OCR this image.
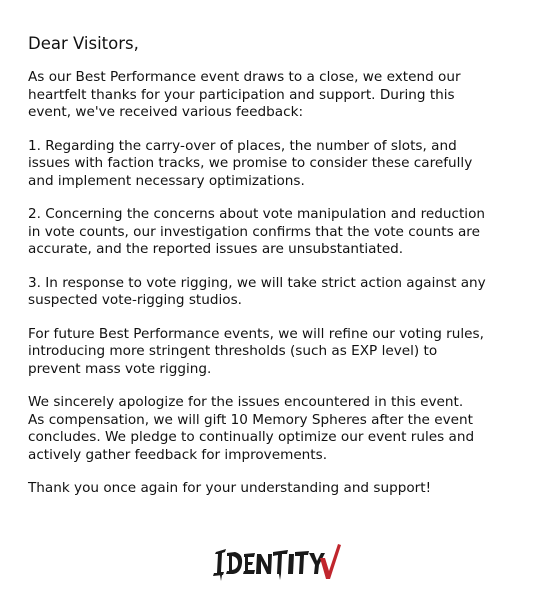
Dear Visitors,
As our Best Performance event draws to a close, we extend our
heartfelt thanks for your participation and support. During this
event, we've received various feedback:
1. Regarding the carry-over of places, the number of slots, and
issues with faction tracks, we promise to consider these carefully
and implement necessary optimizations.
2. Concerning the concerns about vote manipulation and reduction
in vote counts, our investigation confirms that the vote counts are
accurate, and the reported issues are unsubstantiated.
3. In response to vote rigging, we will take strict action against any
suspected vote-rigging studios.
For future Best Performance events, we will refine our voting rules,
introducing more stringent thresholds (such as EXP level) to
prevent mass vote rigging.
We sincerely apologize for the issues encountered in this event.
As compensation, we will gift 10 Memory Spheres after the event
concludes. We pledge to continually optimize our event rules and
actively gather feedback for improvements.
Thank you once again for your understanding and support!
